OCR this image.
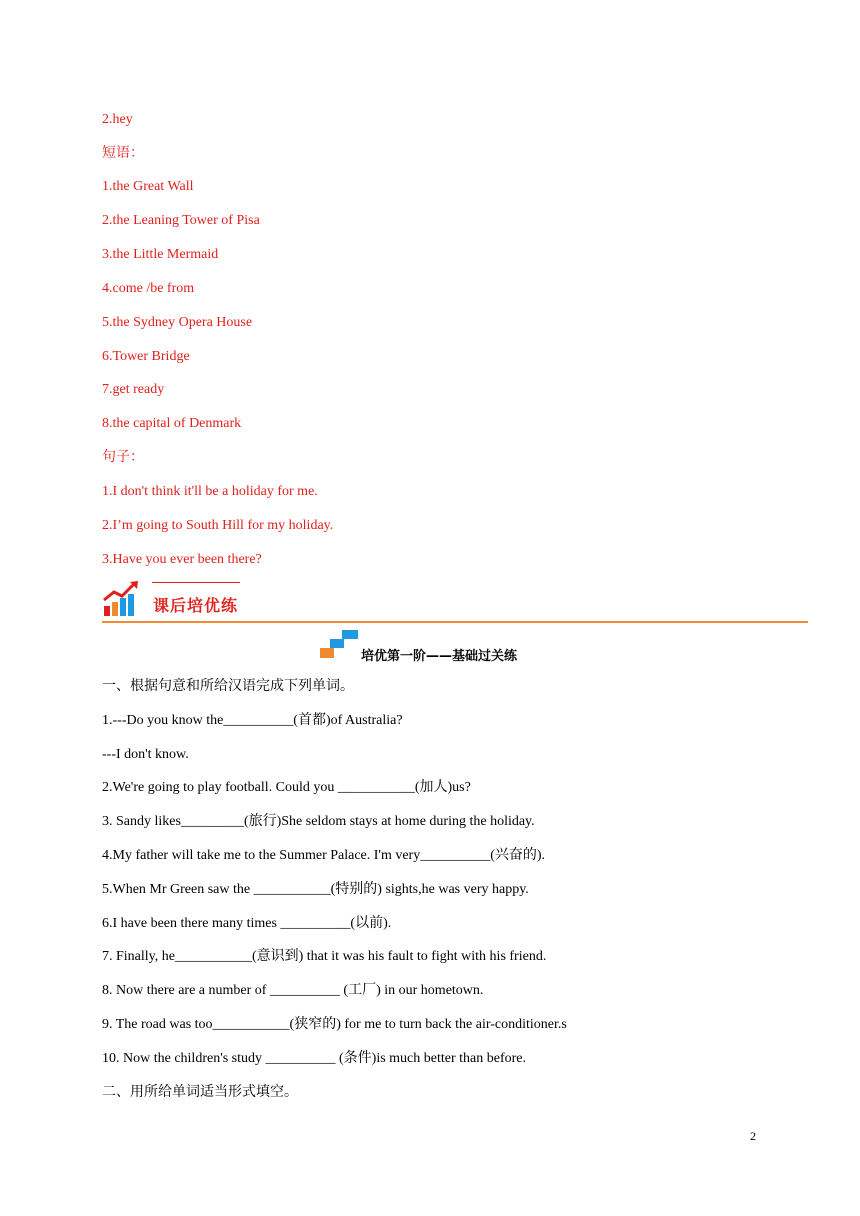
2.hey
短语：
1.the Great Wall
2.the Leaning Tower of Pisa
3.the Little Mermaid
4.come /be from
5.the Sydney Opera House
6.Tower Bridge
7.get ready
8.the capital of Denmark
句子：
1.I don't think it'll be a holiday for me.
2.I’m going to South Hill for my holiday.
3.Have you ever been there?
课后培优练
培优第一阶——基础过关练
一、根据句意和所给汉语完成下列单词。
1.---Do you know the__________(首都)of Australia?
---I don't know.
2.We're going to play football. Could you ___________(加人)us?
3. Sandy likes_________(旅行)She seldom stays at home during the holiday.
4.My father will take me to the Summer Palace. I'm very__________(兴奋的).
5.When Mr Green saw the ___________(特别的) sights,he was very happy.
6.I have been there many times __________(以前).
7. Finally, he___________(意识到) that it was his fault to fight with his friend.
8. Now there are a number of __________ (工厂) in our hometown.
9. The road was too___________(狭窄的) for me to turn back the air-conditioner.s
10. Now the children's study __________ (条件)is much better than before.
二、用所给单词适当形式填空。
2
